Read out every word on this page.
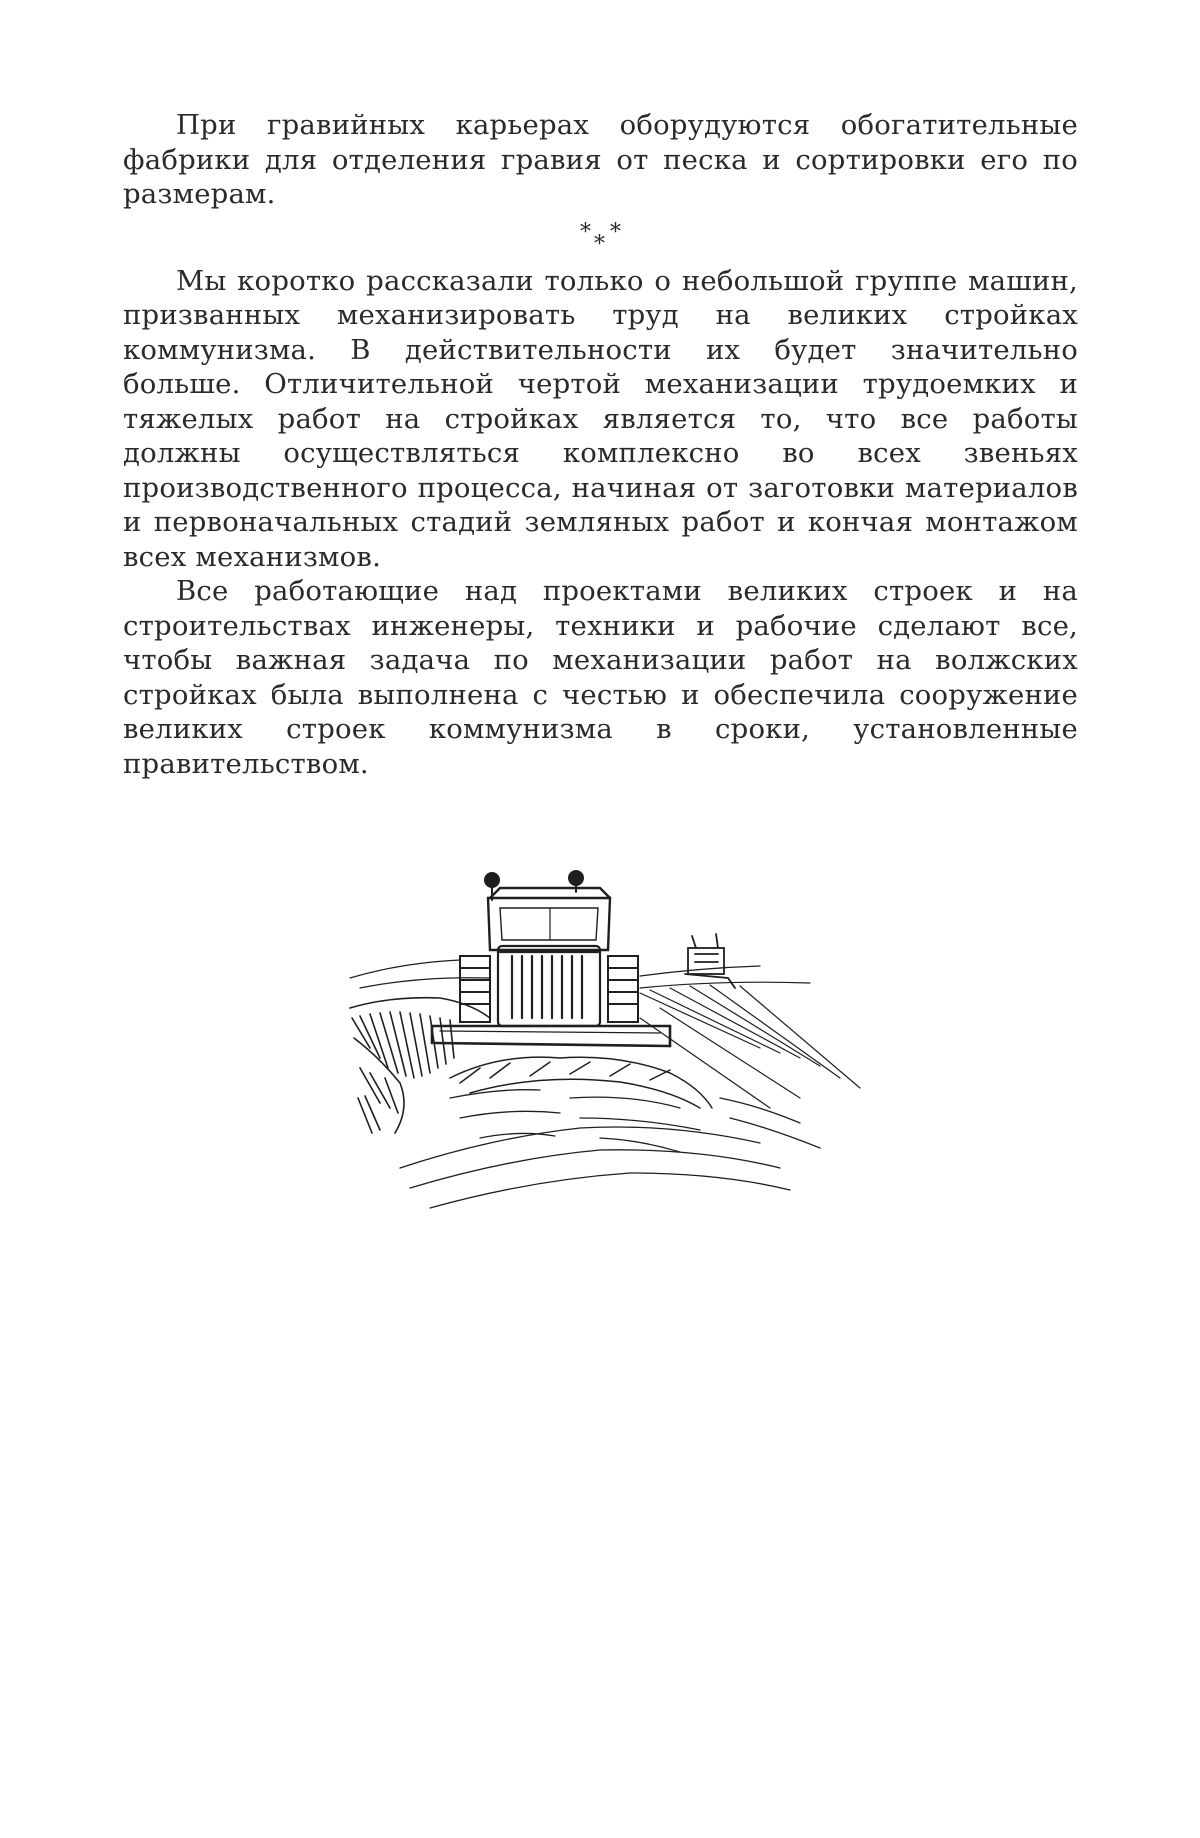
При гравийных карьерах оборудуются обогатительные фабрики для отделения гравия от песка и сортировки его по размерам.

* * *

Мы коротко рассказали только о небольшой группе машин, призванных механизировать труд на великих стройках коммунизма. В действительности их будет значительно больше. Отличительной чертой механизации трудоемких и тяжелых работ на стройках является то, что все работы должны осуществляться комплексно во всех звеньях производственного процесса, начиная от заготовки материалов и первоначальных стадий земляных работ и кончая монтажом всех механизмов.

Все работающие над проектами великих строек и на строительствах инженеры, техники и рабочие сделают все, чтобы важная задача по механизации работ на волжских стройках была выполнена с честью и обеспечила сооружение великих строек коммунизма в сроки, установленные правительством.
